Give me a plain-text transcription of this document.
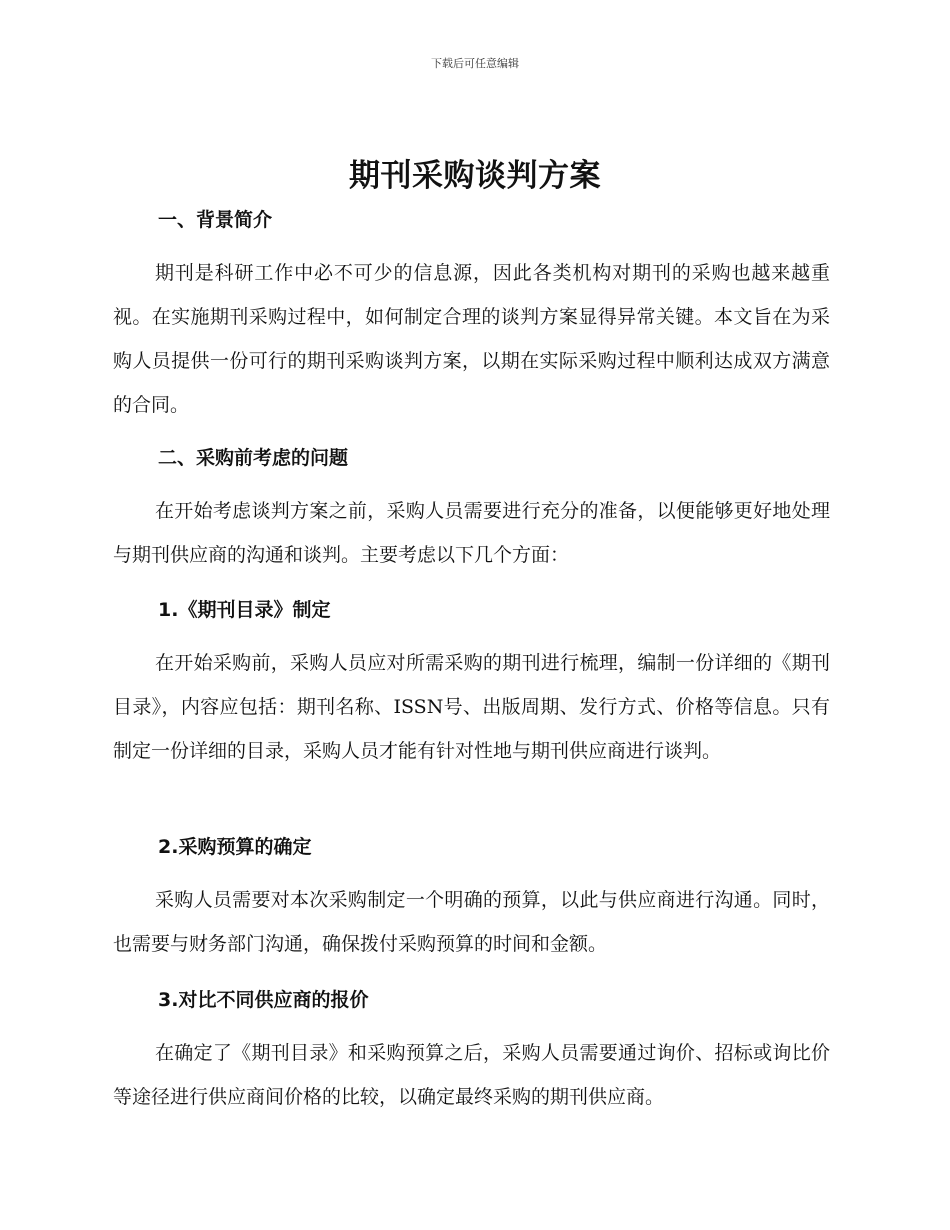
下载后可任意编辑
期刊采购谈判方案
一、背景简介

期刊是科研工作中必不可少的信息源，因此各类机构对期刊的采购也越来越重视。在实施期刊采购过程中，如何制定合理的谈判方案显得异常关键。本文旨在为采购人员提供一份可行的期刊采购谈判方案，以期在实际采购过程中顺利达成双方满意的合同。

二、采购前考虑的问题

在开始考虑谈判方案之前，采购人员需要进行充分的准备，以便能够更好地处理与期刊供应商的沟通和谈判。主要考虑以下几个方面：

1.《期刊目录》制定

在开始采购前，采购人员应对所需采购的期刊进行梳理，编制一份详细的《期刊目录》，内容应包括：期刊名称、ISSN号、出版周期、发行方式、价格等信息。只有制定一份详细的目录，采购人员才能有针对性地与期刊供应商进行谈判。

2.采购预算的确定

采购人员需要对本次采购制定一个明确的预算，以此与供应商进行沟通。同时，也需要与财务部门沟通，确保拨付采购预算的时间和金额。

3.对比不同供应商的报价

在确定了《期刊目录》和采购预算之后，采购人员需要通过询价、招标或询比价等途径进行供应商间价格的比较，以确定最终采购的期刊供应商。
